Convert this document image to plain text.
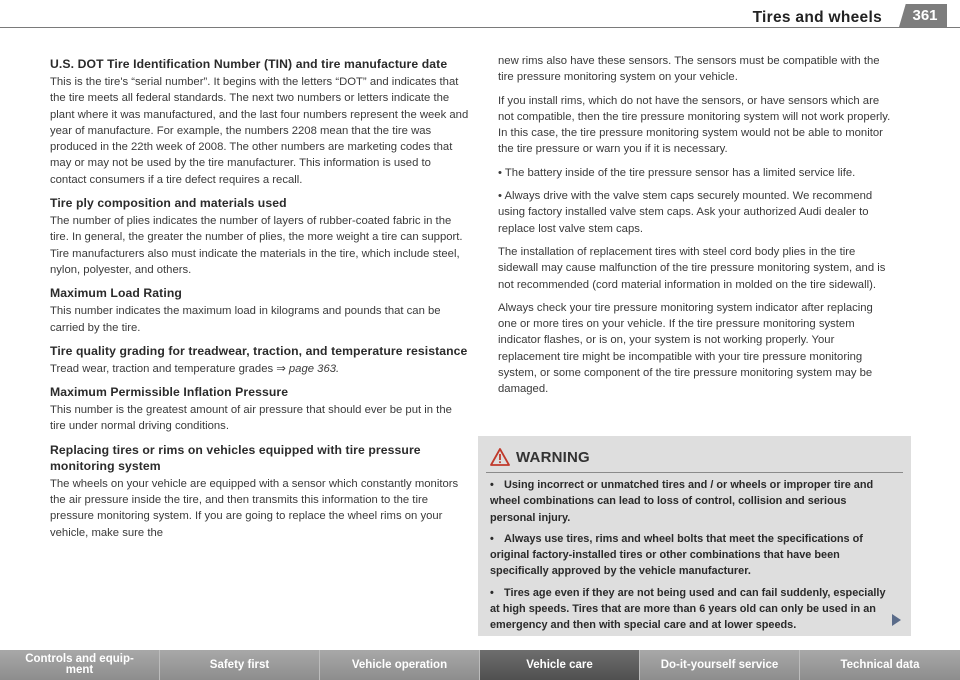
Tires and wheels	361
U.S. DOT Tire Identification Number (TIN) and tire manufacture date

This is the tire's “serial number”. It begins with the letters “DOT” and indicates that the tire meets all federal standards. The next two numbers or letters indicate the plant where it was manufactured, and the last four numbers represent the week and year of manufacture. For example, the numbers 2208 mean that the tire was produced in the 22th week of 2008. The other numbers are marketing codes that may or may not be used by the tire manufacturer. This information is used to contact consumers if a tire defect requires a recall.

Tire ply composition and materials used

The number of plies indicates the number of layers of rubber-coated fabric in the tire. In general, the greater the number of plies, the more weight a tire can support. Tire manufacturers also must indicate the materials in the tire, which include steel, nylon, polyester, and others.

Maximum Load Rating

This number indicates the maximum load in kilograms and pounds that can be carried by the tire.

Tire quality grading for treadwear, traction, and temperature resistance

Tread wear, traction and temperature grades ⇒ page 363.

Maximum Permissible Inflation Pressure

This number is the greatest amount of air pressure that should ever be put in the tire under normal driving conditions.

Replacing tires or rims on vehicles equipped with tire pressure monitoring system

The wheels on your vehicle are equipped with a sensor which constantly monitors the air pressure inside the tire, and then transmits this information to the tire pressure monitoring system. If you are going to replace the wheel rims on your vehicle, make sure the

new rims also have these sensors. The sensors must be compatible with the tire pressure monitoring system on your vehicle.

If you install rims, which do not have the sensors, or have sensors which are not compatible, then the tire pressure monitoring system will not work properly. In this case, the tire pressure monitoring system would not be able to monitor the tire pressure or warn you if it is necessary.

• The battery inside of the tire pressure sensor has a limited service life.

• Always drive with the valve stem caps securely mounted. We recommend using factory installed valve stem caps. Ask your authorized Audi dealer to replace lost valve stem caps.

The installation of replacement tires with steel cord body plies in the tire sidewall may cause malfunction of the tire pressure monitoring system, and is not recommended (cord material information in molded on the tire sidewall).

Always check your tire pressure monitoring system indicator after replacing one or more tires on your vehicle. If the tire pressure monitoring system indicator flashes, or is on, your system is not working properly. Your replacement tire might be incompatible with your tire pressure monitoring system, or some component of the tire pressure monitoring system may be damaged.

WARNING

• Using incorrect or unmatched tires and / or wheels or improper tire and wheel combinations can lead to loss of control, collision and serious personal injury.

• Always use tires, rims and wheel bolts that meet the specifications of original factory-installed tires or other combinations that have been specifically approved by the vehicle manufacturer.

• Tires age even if they are not being used and can fail suddenly, especially at high speeds. Tires that are more than 6 years old can only be used in an emergency and then with special care and at lower speeds.

Controls and equip-
ment	Safety first	Vehicle operation	Vehicle care	Do-it-yourself service	Technical data
